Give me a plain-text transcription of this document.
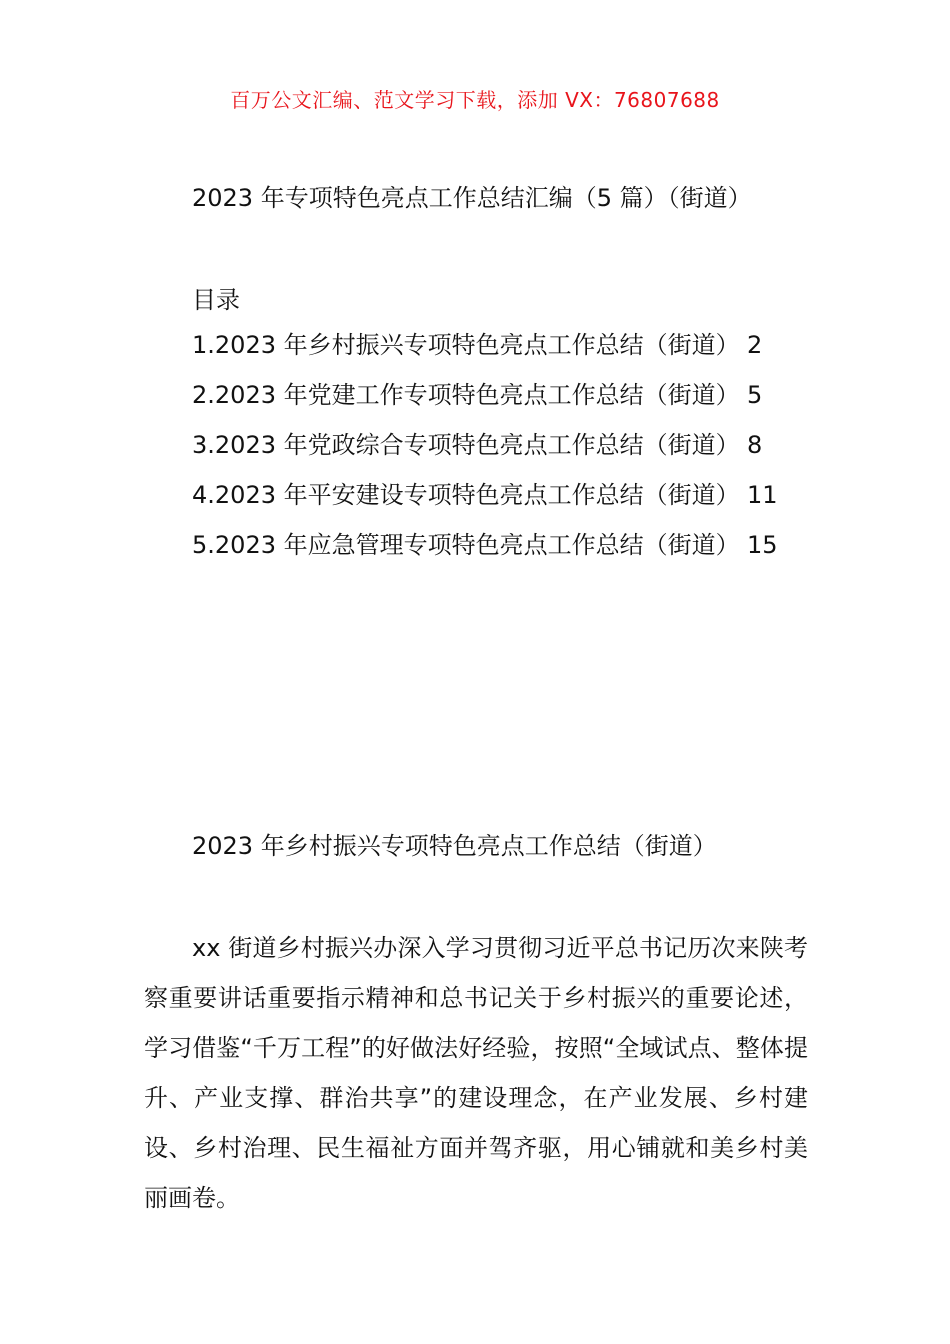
百万公文汇编、范文学习下载，添加 VX：76807688
2023 年专项特色亮点工作总结汇编（5 篇）（街道）
目录
1.2023 年乡村振兴专项特色亮点工作总结（街道） 2
2.2023 年党建工作专项特色亮点工作总结（街道） 5
3.2023 年党政综合专项特色亮点工作总结（街道） 8
4.2023 年平安建设专项特色亮点工作总结（街道） 11
5.2023 年应急管理专项特色亮点工作总结（街道） 15
2023 年乡村振兴专项特色亮点工作总结（街道）

xx 街道乡村振兴办深入学习贯彻习近平总书记历次来陕考察重要讲话重要指示精神和总书记关于乡村振兴的重要论述，学习借鉴“千万工程”的好做法好经验，按照“全域试点、整体提升、产业支撑、群治共享”的建设理念，在产业发展、乡村建设、乡村治理、民生福祉方面并驾齐驱，用心铺就和美乡村美丽画卷。
